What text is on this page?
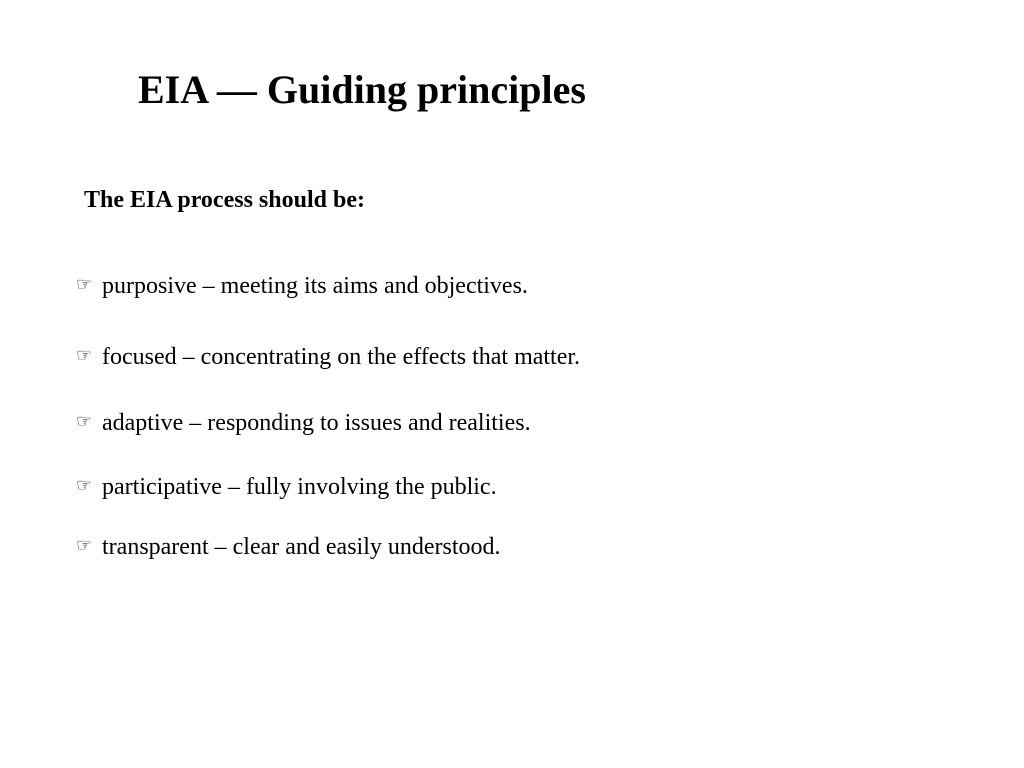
EIA — Guiding principles
The EIA process should be:
☞ purposive – meeting its aims and objectives.
☞ focused – concentrating on the effects that matter.
☞ adaptive – responding to issues and realities.
☞ participative – fully involving the public.
☞ transparent – clear and easily understood.
